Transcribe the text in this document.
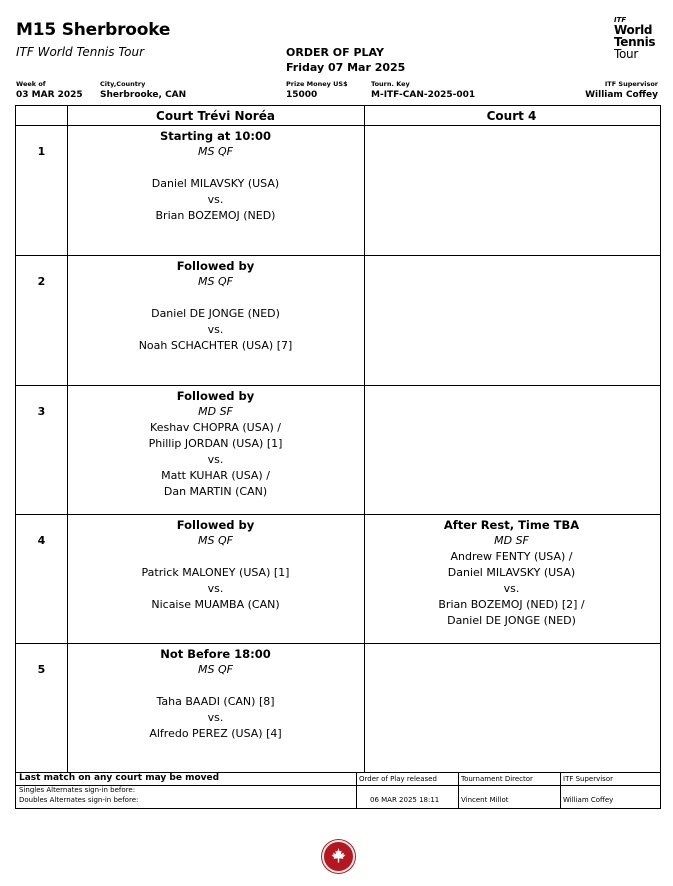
M15 Sherbrooke
ITF World Tennis Tour	ORDER OF PLAY
Friday 07 Mar 2025
ITF
World
Tennis
Tour
Week of
03 MAR 2025
City,Country
Sherbrooke, CAN
Prize Money US$
15000
Tourn. Key
M-ITF-CAN-2025-001
ITF Supervisor
William Coffey
Court Trévi Noréa	Court 4
1
Starting at 10:00
MS QF
Daniel MILAVSKY (USA)
vs.
Brian BOZEMOJ (NED)
2
Followed by
MS QF
Daniel DE JONGE (NED)
vs.
Noah SCHACHTER (USA) [7]
3
Followed by
MD SF
Keshav CHOPRA (USA) /
Phillip JORDAN (USA) [1]
vs.
Matt KUHAR (USA) /
Dan MARTIN (CAN)
4
Followed by
MS QF
Patrick MALONEY (USA) [1]
vs.
Nicaise MUAMBA (CAN)
After Rest, Time TBA
MD SF
Andrew FENTY (USA) /
Daniel MILAVSKY (USA)
vs.
Brian BOZEMOJ (NED) [2] /
Daniel DE JONGE (NED)
5
Not Before 18:00
MS QF
Taha BAADI (CAN) [8]
vs.
Alfredo PEREZ (USA) [4]
Last match on any court may be moved
Singles Alternates sign-in before:
Doubles Alternates sign-in before:
Order of Play released
06 MAR 2025 18:11
Tournament Director
Vincent Millot
ITF Supervisor
William Coffey
